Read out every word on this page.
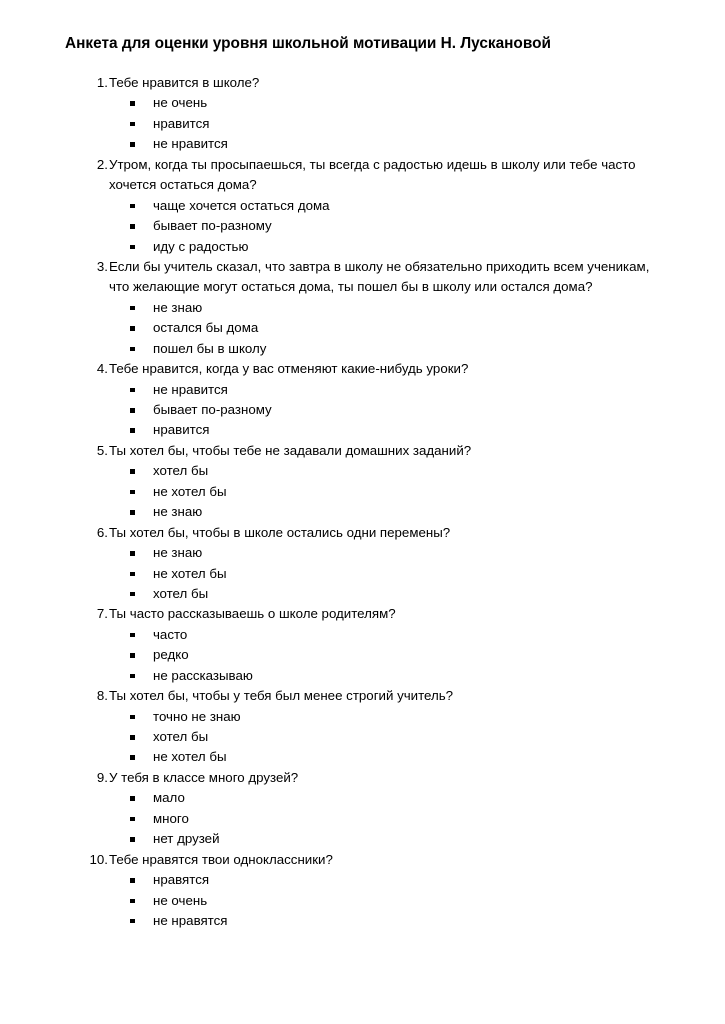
Анкета для оценки уровня школьной мотивации Н. Лускановой
1. Тебе нравится в школе?
не очень
нравится
не нравится
2. Утром, когда ты просыпаешься, ты всегда с радостью идешь в школу или тебе часто
хочется остаться дома?
чаще хочется остаться дома
бывает по-разному
иду с радостью
3. Если бы учитель сказал, что завтра в школу не обязательно приходить всем ученикам,
что желающие могут остаться дома, ты пошел бы в школу или остался дома?
не знаю
остался бы дома
пошел бы в школу
4. Тебе нравится, когда у вас отменяют какие-нибудь уроки?
не нравится
бывает по-разному
нравится
5. Ты хотел бы, чтобы тебе не задавали домашних заданий?
хотел бы
не хотел бы
не знаю
6. Ты хотел бы, чтобы в школе остались одни перемены?
не знаю
не хотел бы
хотел бы
7. Ты часто рассказываешь о школе родителям?
часто
редко
не рассказываю
8. Ты хотел бы, чтобы у тебя был менее строгий учитель?
точно не знаю
хотел бы
не хотел бы
9. У тебя в классе много друзей?
мало
много
нет друзей
10. Тебе нравятся твои одноклассники?
нравятся
не очень
не нравятся
